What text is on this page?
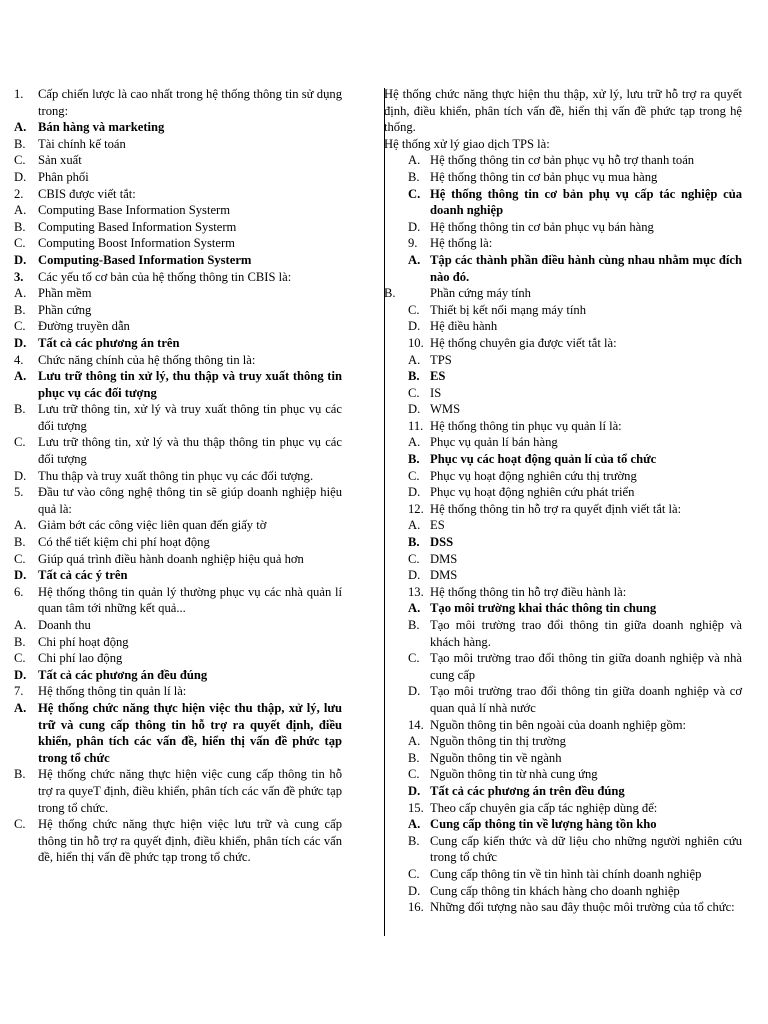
1.	Cấp chiến lược là cao nhất trong hệ thống thông tin sử dụng trong:
A. Bán hàng và marketing
B. Tài chính kế toán
C. Sản xuất
D. Phân phối
2.	CBIS được viết tắt:
A. Computing Base Information Systerm
B. Computing Based Information Systerm
C. Computing Boost Information Systerm
D. Computing-Based Information Systerm
3.	Các yếu tố cơ bản của hệ thống thông tin CBIS là:
A. Phần mềm
B. Phần cứng
C. Đường truyền dẫn
D. Tất cả các phương án trên
4.	Chức năng chính của hệ thống thông tin là:
A. Lưu trữ thông tin xử lý, thu thập và truy xuất thông tin phục vụ các đối tượng
B. Lưu trữ thông tin, xử lý và truy xuất thông tin phục vụ các đối tượng
C. Lưu trữ thông tin, xử lý và thu thập thông tin phục vụ các đối tượng
D. Thu thập và truy xuất thông tin phục vụ các đối tượng.
5.	Đầu tư vào công nghệ thông tin sẽ giúp doanh nghiệp hiệu quả là:
A. Giảm bớt các công việc liên quan đến giấy tờ
B. Có thể tiết kiệm chi phí hoạt động
C. Giúp quá trình điều hành doanh nghiệp hiệu quả hơn
D. Tất cả các ý trên
6.	Hệ thống thông tin quản lý thường phục vụ các nhà quản lí quan tâm tới những kết quả...
A. Doanh thu
B. Chi phí hoạt động
C. Chi phí lao động
D. Tất cả các phương án đều đúng
7.	Hệ thống thông tin quản lí là:
A. Hệ thống chức năng thực hiện việc thu thập, xử lý, lưu trữ và cung cấp thông tin hỗ trợ ra quyết định, điều khiển, phân tích các vấn đề, hiển thị vấn đề phức tạp trong tổ chức
B. Hệ thống chức năng thực hiện việc cung cấp thông tin hỗ trợ ra quyeT định, điều khiển, phân tích các vấn đề phức tạp trong tổ chức.
C. Hệ thống chức năng thực hiện việc lưu trữ và cung cấp thông tin hỗ trợ ra quyết định, điều khiển, phân tích các vấn đề, hiển thị vấn đề phức tạp trong tổ chức.
Hệ thống chức năng thực hiện thu thập, xử lý, lưu trữ hỗ trợ ra quyết định, điều khiển, phân tích vấn đề, hiển thị vấn đề phức tạp trong hệ thống.
Hệ thống xử lý giao dịch TPS là:
A. Hệ thống thông tin cơ bản phục vụ hỗ trợ thanh toán
B. Hệ thống thông tin cơ bản phục vụ mua hàng
C. Hệ thống thông tin cơ bản phụ vụ cấp tác nghiệp của doanh nghiệp
D. Hệ thống thông tin cơ bản phục vụ bán hàng
9. Hệ thống là:
A. Tập các thành phần điều hành cùng nhau nhằm mục đích nào đó.
B.	Phần cứng máy tính
C. Thiết bị kết nối mạng máy tính
D. Hệ điều hành
10. Hệ thống chuyên gia được viết tắt là:
A. TPS
B. ES
C. IS
D. WMS
11. Hệ thống thông tin phục vụ quản lí là:
A. Phục vụ quản lí bán hàng
B. Phục vụ các hoạt động quản lí của tổ chức
C. Phục vụ hoạt động nghiên cứu thị trường
D. Phục vụ hoạt động nghiên cứu phát triển
12. Hệ thống thông tin hỗ trợ ra quyết định viết tắt là:
A. ES
B. DSS
C. DMS
D. DMS
13. Hệ thống thông tin hỗ trợ điều hành là:
A. Tạo môi trường khai thác thông tin chung
B. Tạo môi trường trao đổi thông tin giữa doanh nghiệp và khách hàng.
C. Tạo môi trường trao đổi thông tin giữa doanh nghiệp và nhà cung cấp
D. Tạo môi trường trao đổi thông tin giữa doanh nghiệp và cơ quan quả lí nhà nước
14. Nguồn thông tin bên ngoài của doanh nghiệp gồm:
A. Nguồn thông tin thị trường
B. Nguồn thông tin về ngành
C. Nguồn thông tin từ nhà cung ứng
D. Tất cả các phương án trên đều đúng
15. Theo cấp chuyên gia cấp tác nghiệp dùng để:
A. Cung cấp thông tin về lượng hàng tồn kho
B. Cung cấp kiến thức và dữ liệu cho những người nghiên cứu trong tổ chức
C. Cung cấp thông tin về tin hình tài chính doanh nghiệp
D. Cung cấp thông tin khách hàng cho doanh nghiệp
16. Những đối tượng nào sau đây thuộc môi trường của tổ chức:
